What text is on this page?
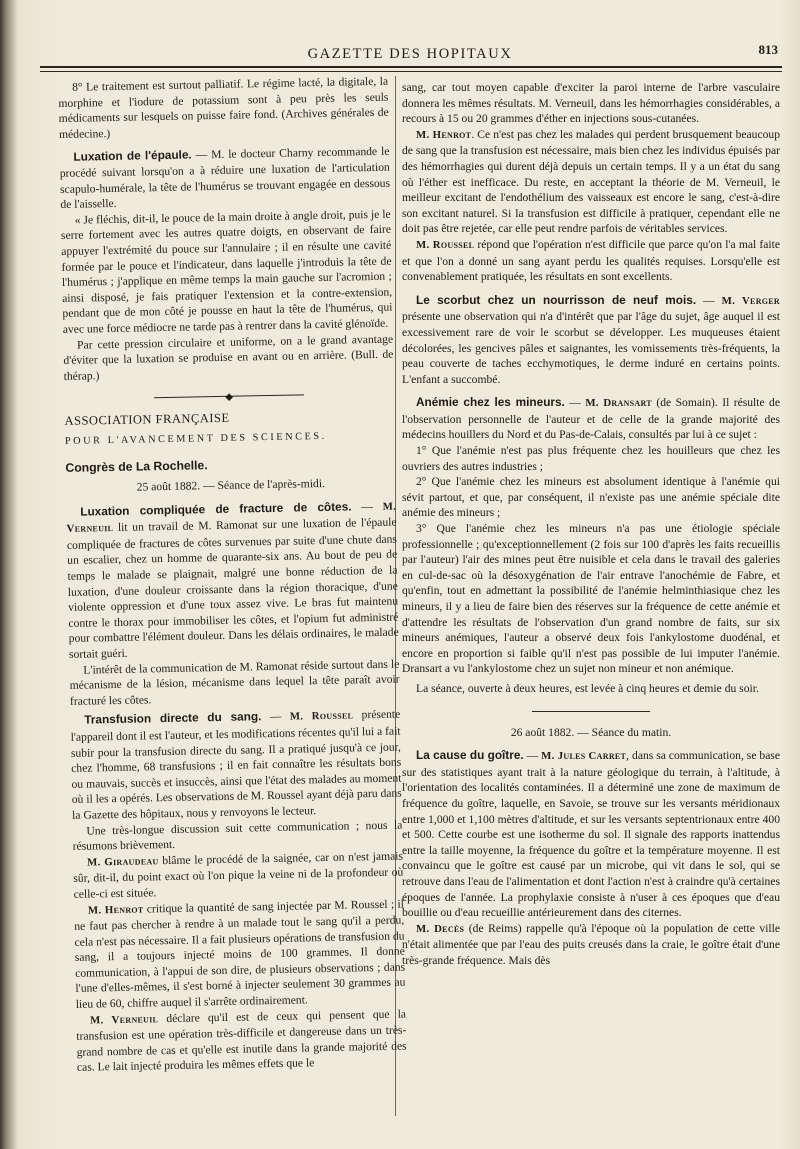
GAZETTE DES HOPITAUX	813

8° Le traitement est surtout palliatif. Le régime lacté, la digitale, la morphine et l'iodure de potassium sont à peu près les seuls médicaments sur lesquels on puisse faire fond. (Archives générales de médecine.)

Luxation de l'épaule. — M. le docteur Charny recommande le procédé suivant lorsqu'on a à réduire une luxation de l'articulation scapulo-humérale, la tête de l'humérus se trouvant engagée en dessous de l'aisselle.

« Je fléchis, dit-il, le pouce de la main droite à angle droit, puis je le serre fortement avec les autres quatre doigts, en observant de faire appuyer l'extrémité du pouce sur l'annulaire ; il en résulte une cavité formée par le pouce et l'indicateur, dans laquelle j'introduis la tête de l'humérus ; j'applique en même temps la main gauche sur l'acromion ; ainsi disposé, je fais pratiquer l'extension et la contre-extension, pendant que de mon côté je pousse en haut la tête de l'humérus, qui avec une force médiocre ne tarde pas à rentrer dans la cavité glénoïde.

Par cette pression circulaire et uniforme, on a le grand avantage d'éviter que la luxation se produise en avant ou en arrière. (Bull. de thérap.)

◆

ASSOCIATION FRANÇAISE

POUR L'AVANCEMENT DES SCIENCES.

Congrès de La Rochelle.

25 août 1882. — Séance de l'après-midi.

Luxation compliquée de fracture de côtes. — M. Verneuil lit un travail de M. Ramonat sur une luxation de l'épaule compliquée de fractures de côtes survenues par suite d'une chute dans un escalier, chez un homme de quarante-six ans. Au bout de peu de temps le malade se plaignait, malgré une bonne réduction de la luxation, d'une douleur croissante dans la région thoracique, d'une violente oppression et d'une toux assez vive. Le bras fut maintenu contre le thorax pour immobiliser les côtes, et l'opium fut administré pour combattre l'élément douleur. Dans les délais ordinaires, le malade sortait guéri.

L'intérêt de la communication de M. Ramonat réside surtout dans le mécanisme de la lésion, mécanisme dans lequel la tête paraît avoir fracturé les côtes.

Transfusion directe du sang. — M. Roussel présente l'appareil dont il est l'auteur, et les modifications récentes qu'il lui a fait subir pour la transfusion directe du sang. Il a pratiqué jusqu'à ce jour, chez l'homme, 68 transfusions ; il en fait connaître les résultats bons ou mauvais, succès et insuccès, ainsi que l'état des malades au moment où il les a opérés. Les observations de M. Roussel ayant déjà paru dans la Gazette des hôpitaux, nous y renvoyons le lecteur.

Une très-longue discussion suit cette communication ; nous la résumons brièvement.

M. Giraudeau blâme le procédé de la saignée, car on n'est jamais sûr, dit-il, du point exact où l'on pique la veine ni de la profondeur où celle-ci est située.

M. Henrot critique la quantité de sang injectée par M. Roussel ; il ne faut pas chercher à rendre à un malade tout le sang qu'il a perdu, cela n'est pas nécessaire. Il a fait plusieurs opérations de transfusion du sang, il a toujours injecté moins de 100 grammes. Il donne communication, à l'appui de son dire, de plusieurs observations ; dans l'une d'elles-mêmes, il s'est borné à injecter seulement 30 grammes au lieu de 60, chiffre auquel il s'arrête ordinairement.

M. Verneuil déclare qu'il est de ceux qui pensent que la transfusion est une opération très-difficile et dangereuse dans un très-grand nombre de cas et qu'elle est inutile dans la grande majorité des cas. Le lait injecté produira les mêmes effets que le

sang, car tout moyen capable d'exciter la paroi interne de l'arbre vasculaire donnera les mêmes résultats. M. Verneuil, dans les hémorrhagies considérables, a recours à 15 ou 20 grammes d'éther en injections sous-cutanées.

M. Henrot. Ce n'est pas chez les malades qui perdent brusquement beaucoup de sang que la transfusion est nécessaire, mais bien chez les individus épuisés par des hémorrhagies qui durent déjà depuis un certain temps. Il y a un état du sang où l'éther est inefficace. Du reste, en acceptant la théorie de M. Verneuil, le meilleur excitant de l'endothélium des vaisseaux est encore le sang, c'est-à-dire son excitant naturel. Si la transfusion est difficile à pratiquer, cependant elle ne doit pas être rejetée, car elle peut rendre parfois de véritables services.

M. Roussel répond que l'opération n'est difficile que parce qu'on l'a mal faite et que l'on a donné un sang ayant perdu les qualités requises. Lorsqu'elle est convenablement pratiquée, les résultats en sont excellents.

Le scorbut chez un nourrisson de neuf mois. — M. Verger présente une observation qui n'a d'intérêt que par l'âge du sujet, âge auquel il est excessivement rare de voir le scorbut se développer. Les muqueuses étaient décolorées, les gencives pâles et saignantes, les vomissements très-fréquents, la peau couverte de taches ecchymotiques, le derme induré en certains points. L'enfant a succombé.

Anémie chez les mineurs. — M. Dransart (de Somain). Il résulte de l'observation personnelle de l'auteur et de celle de la grande majorité des médecins houillers du Nord et du Pas-de-Calais, consultés par lui à ce sujet :

1° Que l'anémie n'est pas plus fréquente chez les houilleurs que chez les ouvriers des autres industries ;

2° Que l'anémie chez les mineurs est absolument identique à l'anémie qui sévit partout, et que, par conséquent, il n'existe pas une anémie spéciale dite anémie des mineurs ;

3° Que l'anémie chez les mineurs n'a pas une étiologie spéciale professionnelle ; qu'exceptionnellement (2 fois sur 100 d'après les faits recueillis par l'auteur) l'air des mines peut être nuisible et cela dans le travail des galeries en cul-de-sac où la désoxygénation de l'air entrave l'anochémie de Fabre, et qu'enfin, tout en admettant la possibilité de l'anémie helminthiasique chez les mineurs, il y a lieu de faire bien des réserves sur la fréquence de cette anémie et d'attendre les résultats de l'observation d'un grand nombre de faits, sur six mineurs anémiques, l'auteur a observé deux fois l'ankylostome duodénal, et encore en proportion si faible qu'il n'est pas possible de lui imputer l'anémie. Dransart a vu l'ankylostome chez un sujet non mineur et non anémique.

La séance, ouverte à deux heures, est levée à cinq heures et demie du soir.

26 août 1882. — Séance du matin.

La cause du goître. — M. Jules Carret, dans sa communication, se base sur des statistiques ayant trait à la nature géologique du terrain, à l'altitude, à l'orientation des localités contaminées. Il a déterminé une zone de maximum de fréquence du goître, laquelle, en Savoie, se trouve sur les versants méridionaux entre 1,000 et 1,100 mètres d'altitude, et sur les versants septentrionaux entre 400 et 500. Cette courbe est une isotherme du sol. Il signale des rapports inattendus entre la taille moyenne, la fréquence du goître et la température moyenne. Il est convaincu que le goître est causé par un microbe, qui vit dans le sol, qui se retrouve dans l'eau de l'alimentation et dont l'action n'est à craindre qu'à certaines époques de l'année. La prophylaxie consiste à n'user à ces époques que d'eau bouillie ou d'eau recueillie antérieurement dans des citernes.

M. Decès (de Reims) rappelle qu'à l'époque où la population de cette ville n'était alimentée que par l'eau des puits creusés dans la craie, le goître était d'une très-grande fréquence. Mais dès
